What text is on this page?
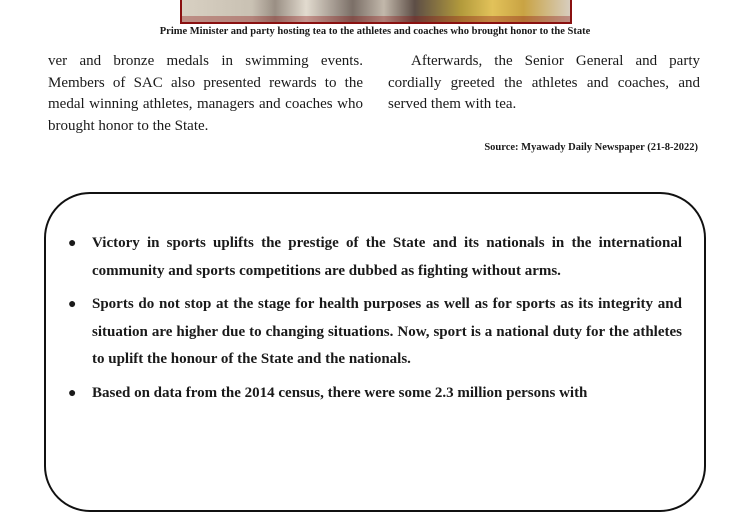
Prime Minister and party hosting tea to the athletes and coaches who brought honor to the State

ver and bronze medals in swimming events. Members of SAC also presented rewards to the medal winning athletes, managers and coaches who brought honor to the State.

Afterwards, the Senior General and party cordially greeted the athletes and coaches, and served them with tea.

Source: Myawady Daily Newspaper (21-8-2022)
● Victory in sports uplifts the prestige of the State and its nationals in the international community and sports competitions are dubbed as fighting without arms.
● Sports do not stop at the stage for health purposes as well as for sports as its integrity and situation are higher due to changing situations. Now, sport is a national duty for the athletes to uplift the honour of the State and the nationals.
● Based on data from the 2014 census, there were some 2.3 million persons with
